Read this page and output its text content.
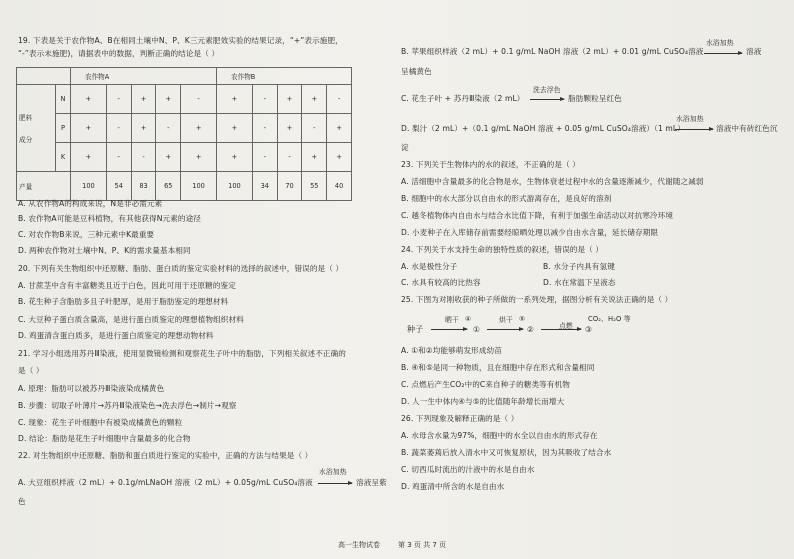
19. 下表是关于农作物A、B在相同土壤中N、P、K三元素肥效实验的结果记录，“+”表示施肥，
“-”表示未施肥)，请据表中的数据，判断正确的结论是（ ）
		农作物A					农作物B				

肥料
成分	N	+	-	+	+	-	+	-	+	+	-
	P	+	-	+	-	+	+	-	+	-	+
	K	+	-	-	+	+	+	-	-	+	+
产量		100	54	83	65	100	100	34	70	55	40
A. 从农作物A的构成来说，N是非必需元素
B. 农作物A可能是豆科植物，有其他获得N元素的途径
C. 对农作物B来说，三种元素中K最重要
D. 两种农作物对土壤中N、P、K的需求量基本相同
20. 下列有关生物组织中还原糖、脂肪、蛋白质的鉴定实验材料的选择的叙述中，错误的是（ ）
A. 甘蔗茎中含有丰富糖类且近于白色，因此可用于还原糖的鉴定
B. 花生种子含脂肪多且子叶肥厚，是用于脂肪鉴定的理想材料
C. 大豆种子蛋白质含量高，是进行蛋白质鉴定的理想植物组织材料
D. 鸡蛋清含蛋白质多，是进行蛋白质鉴定的理想动物材料
21. 学习小组选用苏丹Ⅲ染液，使用显微镜检测和观察花生子叶中的脂肪，下列相关叙述不正确的
是（ ）
A. 原理：脂肪可以被苏丹Ⅲ染液染成橘黄色
B. 步骤：切取子叶薄片→苏丹Ⅲ染液染色→洗去浮色→制片→观察
C. 现象：花生子叶细胞中有被染成橘黄色的颗粒
D. 结论：脂肪是花生子叶细胞中含量最多的化合物
22. 对生物组织中还原糖、脂肪和蛋白质进行鉴定的实验中，正确的方法与结果是（ ）
水浴加热
A. 大豆组织样液（2 mL）+ 0.1g/mLNaOH 溶液（2 mL）+ 0.05g/mL CuSO₄溶液 → 溶液呈紫
色
水浴加热
B. 苹果组织样液（2 mL）+ 0.1 g/mL NaOH 溶液（2 mL）+ 0.01 g/mL CuSO₄溶液 → 溶液
呈橘黄色
洗去浮色
C. 花生子叶 + 苏丹Ⅲ染液（2 mL） → 脂肪颗粒呈红色
水浴加热
D. 梨汁（2 mL）+（0.1 g/mL NaOH 溶液 + 0.05 g/mL CuSO₄溶液）（1 mL） → 溶液中有砖红色沉
淀
23. 下列关于生物体内的水的叙述，不正确的是（ ）
A. 活细胞中含量最多的化合物是水，生物体衰老过程中水的含量逐渐减少，代谢随之减弱
B. 细胞中的水大部分以自由水的形式游离存在，是良好的溶剂
C. 越冬植物体内自由水与结合水比值下降，有利于加强生命活动以对抗寒冷环境
D. 小麦种子在入库储存前需要经晾晒处理以减少自由水含量，延长储存期限
24. 下列关于水支持生命的独特性质的叙述，错误的是（ ）
A. 水是极性分子	B. 水分子内具有氢键
C. 水具有较高的比热容	D. 水在常温下呈液态
25. 下图为对刚收获的种子所做的一系列处理，据图分析有关说法正确的是（ ）
种子
晒干 ④
①
烘干 ⑤
②	点燃
CO₂、H₂O 等
③
A. ①和②均能够萌发形成幼苗
B. ④和⑤是同一种物质，且在细胞中存在形式和含量相同
C. 点燃后产生CO₂中的C来自种子的糖类等有机物
D. 人一生中体内④与⑤的比值随年龄增长而增大
26. 下列现象及解释正确的是（ ）
A. 水母含水量为97%，细胞中的水全以自由水的形式存在
B. 蔬菜萎蔫后放入清水中又可恢复原状，因为其吸收了结合水
C. 切西瓜时流出的汁液中的水是自由水
D. 鸡蛋清中所含的水是自由水
高一生物试卷	第 3 页 共 7 页
